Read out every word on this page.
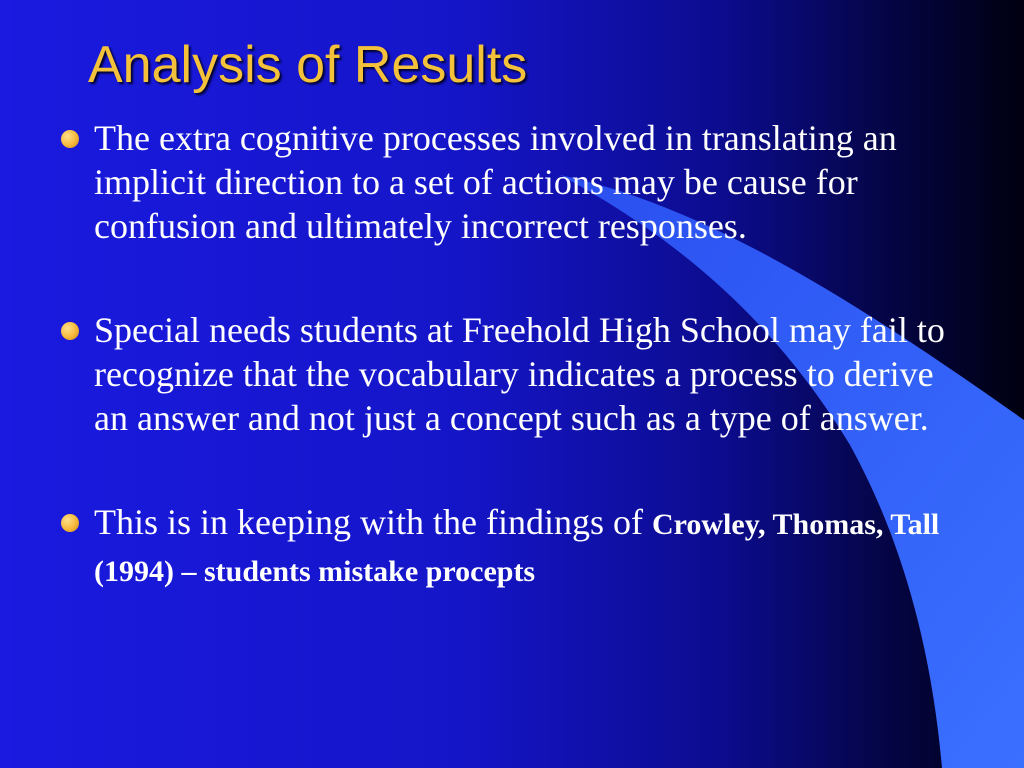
Analysis of Results
The extra cognitive processes involved in translating an implicit direction to a set of actions may be cause for confusion and ultimately incorrect responses.
Special needs students at Freehold High School may fail to recognize that the vocabulary indicates a process to derive an answer and not just a concept such as a type of answer.
This is in keeping with the findings of Crowley, Thomas, Tall (1994) – students mistake procepts
